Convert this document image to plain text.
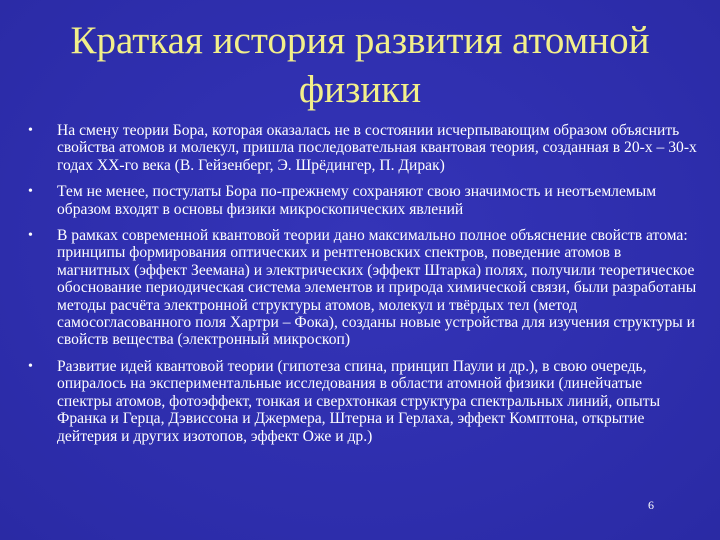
Краткая история развития атомной
физики
• На смену теории Бора, которая оказалась не в состоянии исчерпывающим образом объяснить свойства атомов и молекул, пришла последовательная квантовая теория, созданная в 20-х – 30-х годах XX-го века (В. Гейзенберг, Э. Шрёдингер, П. Дирак)
• Тем не менее, постулаты Бора по-прежнему сохраняют свою значимость и неотъемлемым образом входят в основы физики микроскопических явлений
• В рамках современной квантовой теории дано максимально полное объяснение свойств атома: принципы формирования оптических и рентгеновских спектров, поведение атомов в магнитных (эффект Зеемана) и электрических (эффект Штарка) полях, получили теоретическое обоснование периодическая система элементов и природа химической связи, были разработаны методы расчёта электронной структуры атомов, молекул и твёрдых тел (метод самосогласованного поля Хартри – Фока), созданы новые устройства для изучения структуры и свойств вещества (электронный микроскоп)
• Развитие идей квантовой теории (гипотеза спина, принцип Паули и др.), в свою очередь, опиралось на экспериментальные исследования в области атомной физики (линейчатые спектры атомов, фотоэффект, тонкая и сверхтонкая структура спектральных линий, опыты Франка и Герца, Дэвиссона и Джермера, Штерна и Герлаха, эффект Комптона, открытие дейтерия и других изотопов, эффект Оже и др.)
6
